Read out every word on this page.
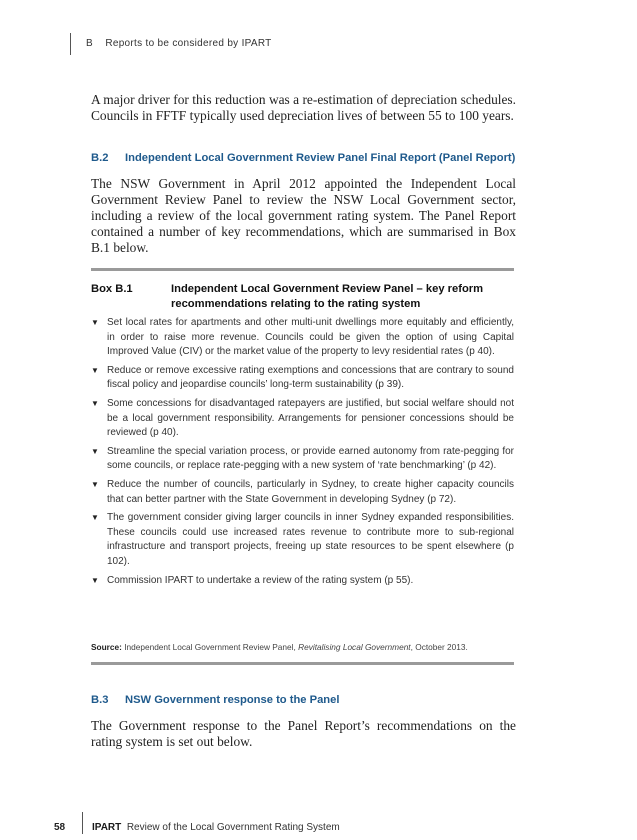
B Reports to be considered by IPART

A major driver for this reduction was a re-estimation of depreciation schedules. Councils in FFTF typically used depreciation lives of between 55 to 100 years.

B.2 Independent Local Government Review Panel Final Report (Panel Report)

The NSW Government in April 2012 appointed the Independent Local Government Review Panel to review the NSW Local Government sector, including a review of the local government rating system. The Panel Report contained a number of key recommendations, which are summarised in Box B.1 below.

Box B.1	Independent Local Government Review Panel – key reform recommendations relating to the rating system
▼ Set local rates for apartments and other multi-unit dwellings more equitably and efficiently, in order to raise more revenue. Councils could be given the option of using Capital Improved Value (CIV) or the market value of the property to levy residential rates (p 40).
▼ Reduce or remove excessive rating exemptions and concessions that are contrary to sound fiscal policy and jeopardise councils’ long-term sustainability (p 39).
▼ Some concessions for disadvantaged ratepayers are justified, but social welfare should not be a local government responsibility. Arrangements for pensioner concessions should be reviewed (p 40).
▼ Streamline the special variation process, or provide earned autonomy from rate-pegging for some councils, or replace rate-pegging with a new system of ‘rate benchmarking’ (p 42).
▼ Reduce the number of councils, particularly in Sydney, to create higher capacity councils that can better partner with the State Government in developing Sydney (p 72).
▼ The government consider giving larger councils in inner Sydney expanded responsibilities. These councils could use increased rates revenue to contribute more to sub-regional infrastructure and transport projects, freeing up state resources to be spent elsewhere (p 102).
▼ Commission IPART to undertake a review of the rating system (p 55).
Source: Independent Local Government Review Panel, Revitalising Local Government, October 2013.
B.3 NSW Government response to the Panel

The Government response to the Panel Report’s recommendations on the rating system is set out below.

58	IPART Review of the Local Government Rating System
